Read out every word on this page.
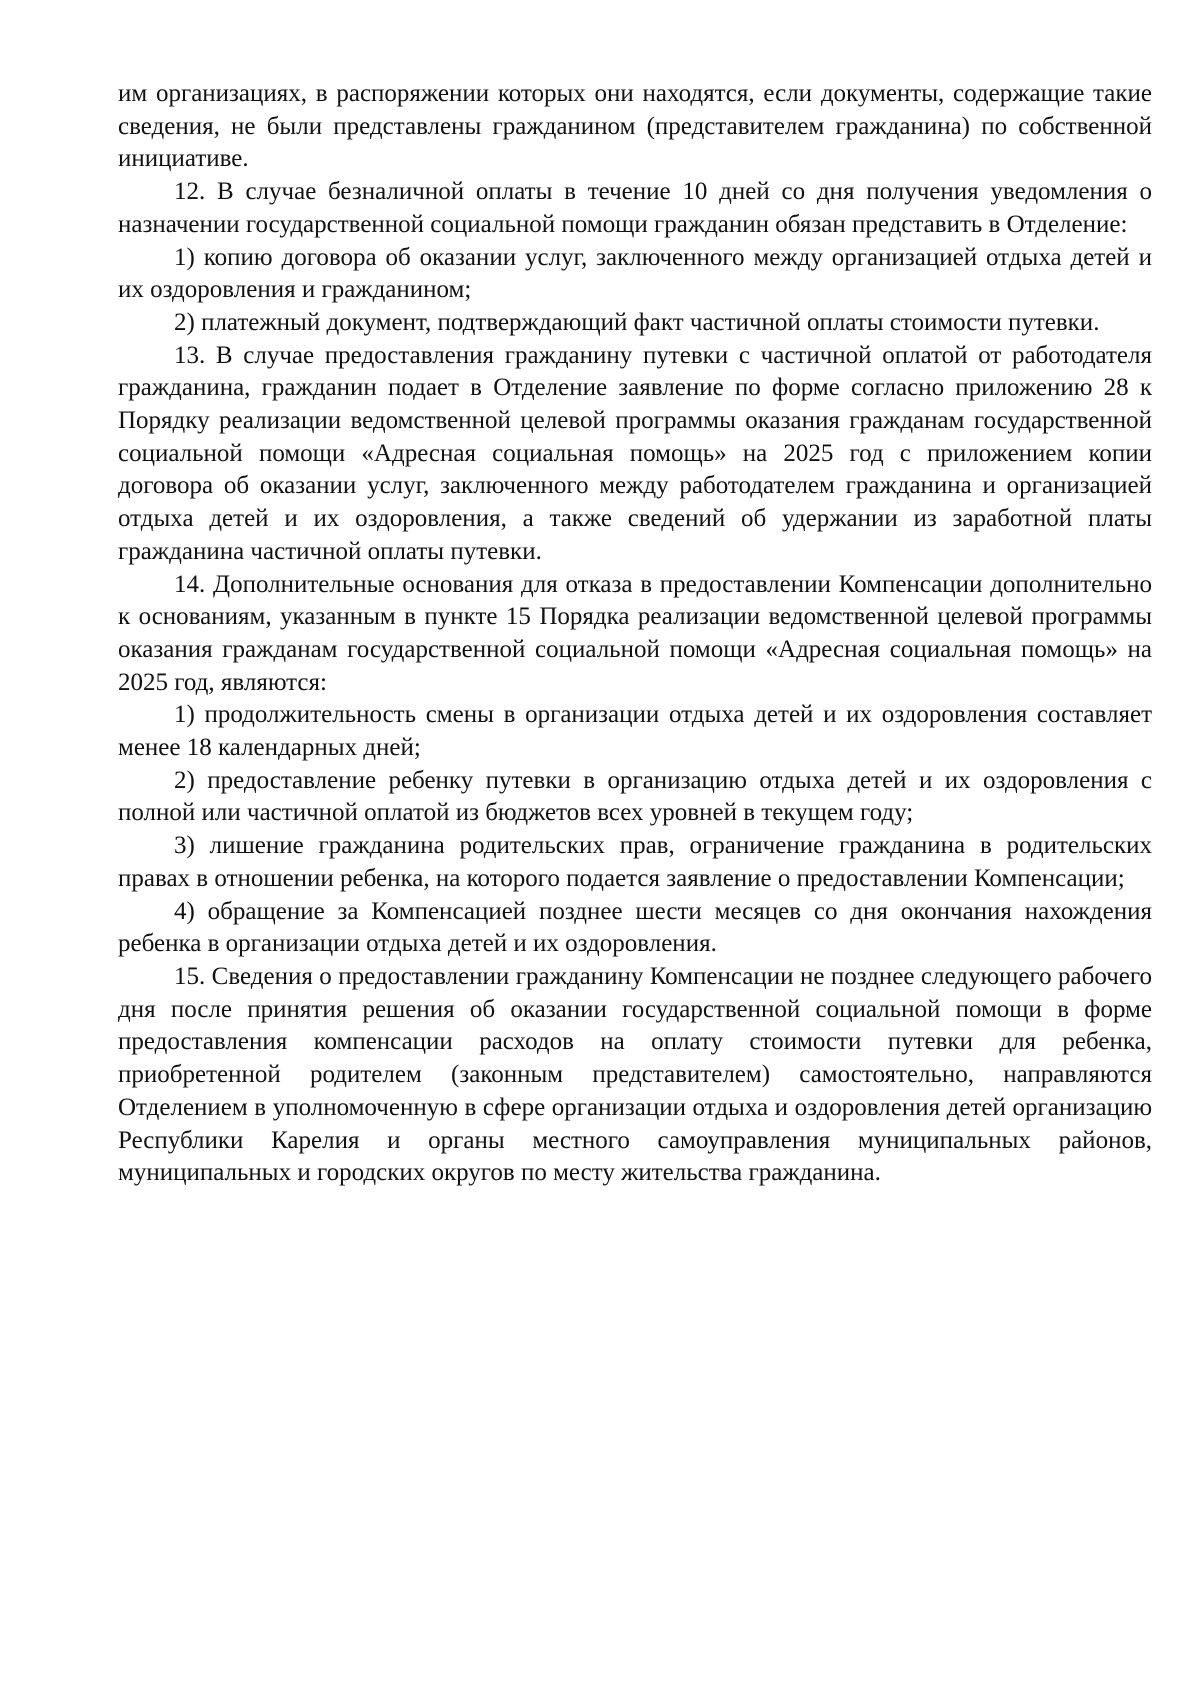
им организациях, в распоряжении которых они находятся, если документы, содержащие такие сведения, не были представлены гражданином (представителем гражданина) по собственной инициативе.

12. В случае безналичной оплаты в течение 10 дней со дня получения уведомления о назначении государственной социальной помощи гражданин обязан представить в Отделение:

1) копию договора об оказании услуг, заключенного между организацией отдыха детей и их оздоровления и гражданином;

2) платежный документ, подтверждающий факт частичной оплаты стоимости путевки.

13. В случае предоставления гражданину путевки с частичной оплатой от работодателя гражданина, гражданин подает в Отделение заявление по форме согласно приложению 28 к Порядку реализации ведомственной целевой программы оказания гражданам государственной социальной помощи «Адресная социальная помощь» на 2025 год с приложением копии договора об оказании услуг, заключенного между работодателем гражданина и организацией отдыха детей и их оздоровления, а также сведений об удержании из заработной платы гражданина частичной оплаты путевки.

14. Дополнительные основания для отказа в предоставлении Компенсации дополнительно к основаниям, указанным в пункте 15 Порядка реализации ведомственной целевой программы оказания гражданам государственной социальной помощи «Адресная социальная помощь» на 2025 год, являются:

1) продолжительность смены в организации отдыха детей и их оздоровления составляет менее 18 календарных дней;

2) предоставление ребенку путевки в организацию отдыха детей и их оздоровления с полной или частичной оплатой из бюджетов всех уровней в текущем году;

3) лишение гражданина родительских прав, ограничение гражданина в родительских правах в отношении ребенка, на которого подается заявление о предоставлении Компенсации;

4) обращение за Компенсацией позднее шести месяцев со дня окончания нахождения ребенка в организации отдыха детей и их оздоровления.

15. Сведения о предоставлении гражданину Компенсации не позднее следующего рабочего дня после принятия решения об оказании государственной социальной помощи в форме предоставления компенсации расходов на оплату стоимости путевки для ребенка, приобретенной родителем (законным представителем) самостоятельно, направляются Отделением в уполномоченную в сфере организации отдыха и оздоровления детей организацию Республики Карелия и органы местного самоуправления муниципальных районов, муниципальных и городских округов по месту жительства гражданина.
